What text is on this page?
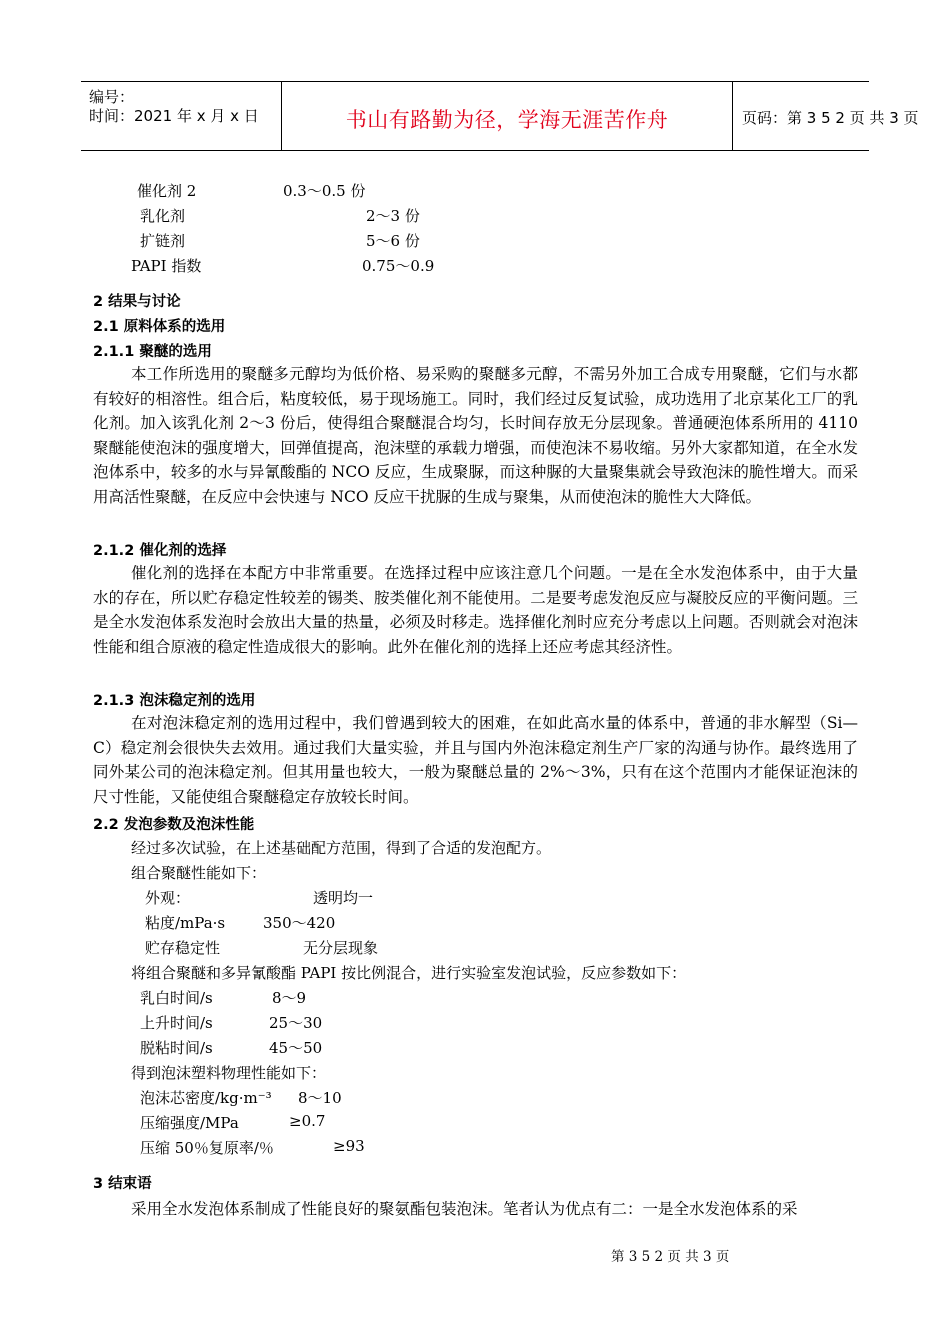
编号：
时间：2021 年 x 月 x 日	书山有路勤为径，学海无涯苦作舟	页码：第 3 5 2 页 共 3 页
催化剂 2	0.3～0.5 份
乳化剂	2～3 份
扩链剂	5～6 份
PAPI 指数	0.75～0.9
2 结果与讨论
2.1 原料体系的选用
2.1.1 聚醚的选用
本工作所选用的聚醚多元醇均为低价格、易采购的聚醚多元醇，不需另外加工合成专用聚醚，它们与水都有较好的相溶性。组合后，粘度较低，易于现场施工。同时，我们经过反复试验，成功选用了北京某化工厂的乳化剂。加入该乳化剂 2～3 份后，使得组合聚醚混合均匀，长时间存放无分层现象。普通硬泡体系所用的 4110 聚醚能使泡沫的强度增大，回弹值提高，泡沫壁的承载力增强，而使泡沫不易收缩。另外大家都知道，在全水发泡体系中，较多的水与异氰酸酯的 NCO 反应，生成聚脲，而这种脲的大量聚集就会导致泡沫的脆性增大。而采用高活性聚醚，在反应中会快速与 NCO 反应干扰脲的生成与聚集，从而使泡沫的脆性大大降低。
2.1.2 催化剂的选择
催化剂的选择在本配方中非常重要。在选择过程中应该注意几个问题。一是在全水发泡体系中，由于大量水的存在，所以贮存稳定性较差的锡类、胺类催化剂不能使用。二是要考虑发泡反应与凝胶反应的平衡问题。三是全水发泡体系发泡时会放出大量的热量，必须及时移走。选择催化剂时应充分考虑以上问题。否则就会对泡沫性能和组合原液的稳定性造成很大的影响。此外在催化剂的选择上还应考虑其经济性。
2.1.3 泡沫稳定剂的选用
在对泡沫稳定剂的选用过程中，我们曾遇到较大的困难，在如此高水量的体系中，普通的非水解型（Si—C）稳定剂会很快失去效用。通过我们大量实验，并且与国内外泡沫稳定剂生产厂家的沟通与协作。最终选用了同外某公司的泡沫稳定剂。但其用量也较大，一般为聚醚总量的 2%～3%，只有在这个范围内才能保证泡沫的尺寸性能，又能使组合聚醚稳定存放较长时间。
2.2 发泡参数及泡沫性能
经过多次试验，在上述基础配方范围，得到了合适的发泡配方。
组合聚醚性能如下：
外观：	透明均一
粘度/mPa·s	350～420
贮存稳定性	无分层现象
将组合聚醚和多异氰酸酯 PAPI 按比例混合，进行实验室发泡试验，反应参数如下：
乳白时间/s	8～9
上升时间/s	25～30
脱粘时间/s	45～50
得到泡沫塑料物理性能如下：
泡沫芯密度/kg·m⁻³ 8～10
压缩强度/MPa	≥0.7
压缩 50％复原率/％	≥93
3 结束语
采用全水发泡体系制成了性能良好的聚氨酯包装泡沫。笔者认为优点有二：一是全水发泡体系的采
第 3 5 2 页 共 3 页
